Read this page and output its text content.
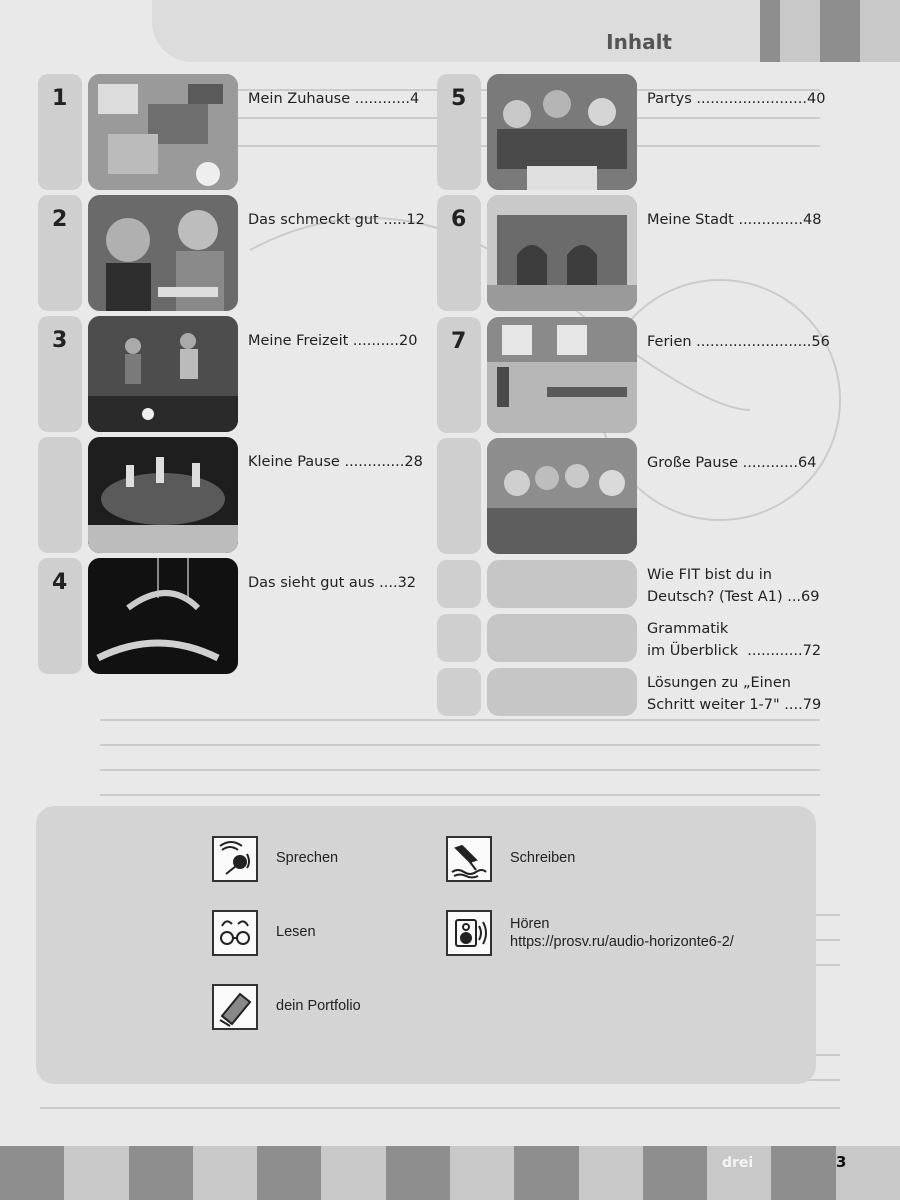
Inhalt
1	Mein Zuhause ............4
2	Das schmeckt gut .....12
3	Meine Freizeit ..........20
Kleine Pause .............28
4	Das sieht gut aus ....32
5	Partys ........................40
6	Meine Stadt ..............48
7	Ferien .........................56
Große Pause ............64
Wie FIT bist du in
Deutsch? (Test A1) ...69
Grammatik
im Überblick  ............72
Lösungen zu „Einen
Schritt weiter 1-7" ....79
Sprechen	Schreiben
Lesen	Hören
https://prosv.ru/audio-horizonte6-2/
dein Portfolio
drei	3
